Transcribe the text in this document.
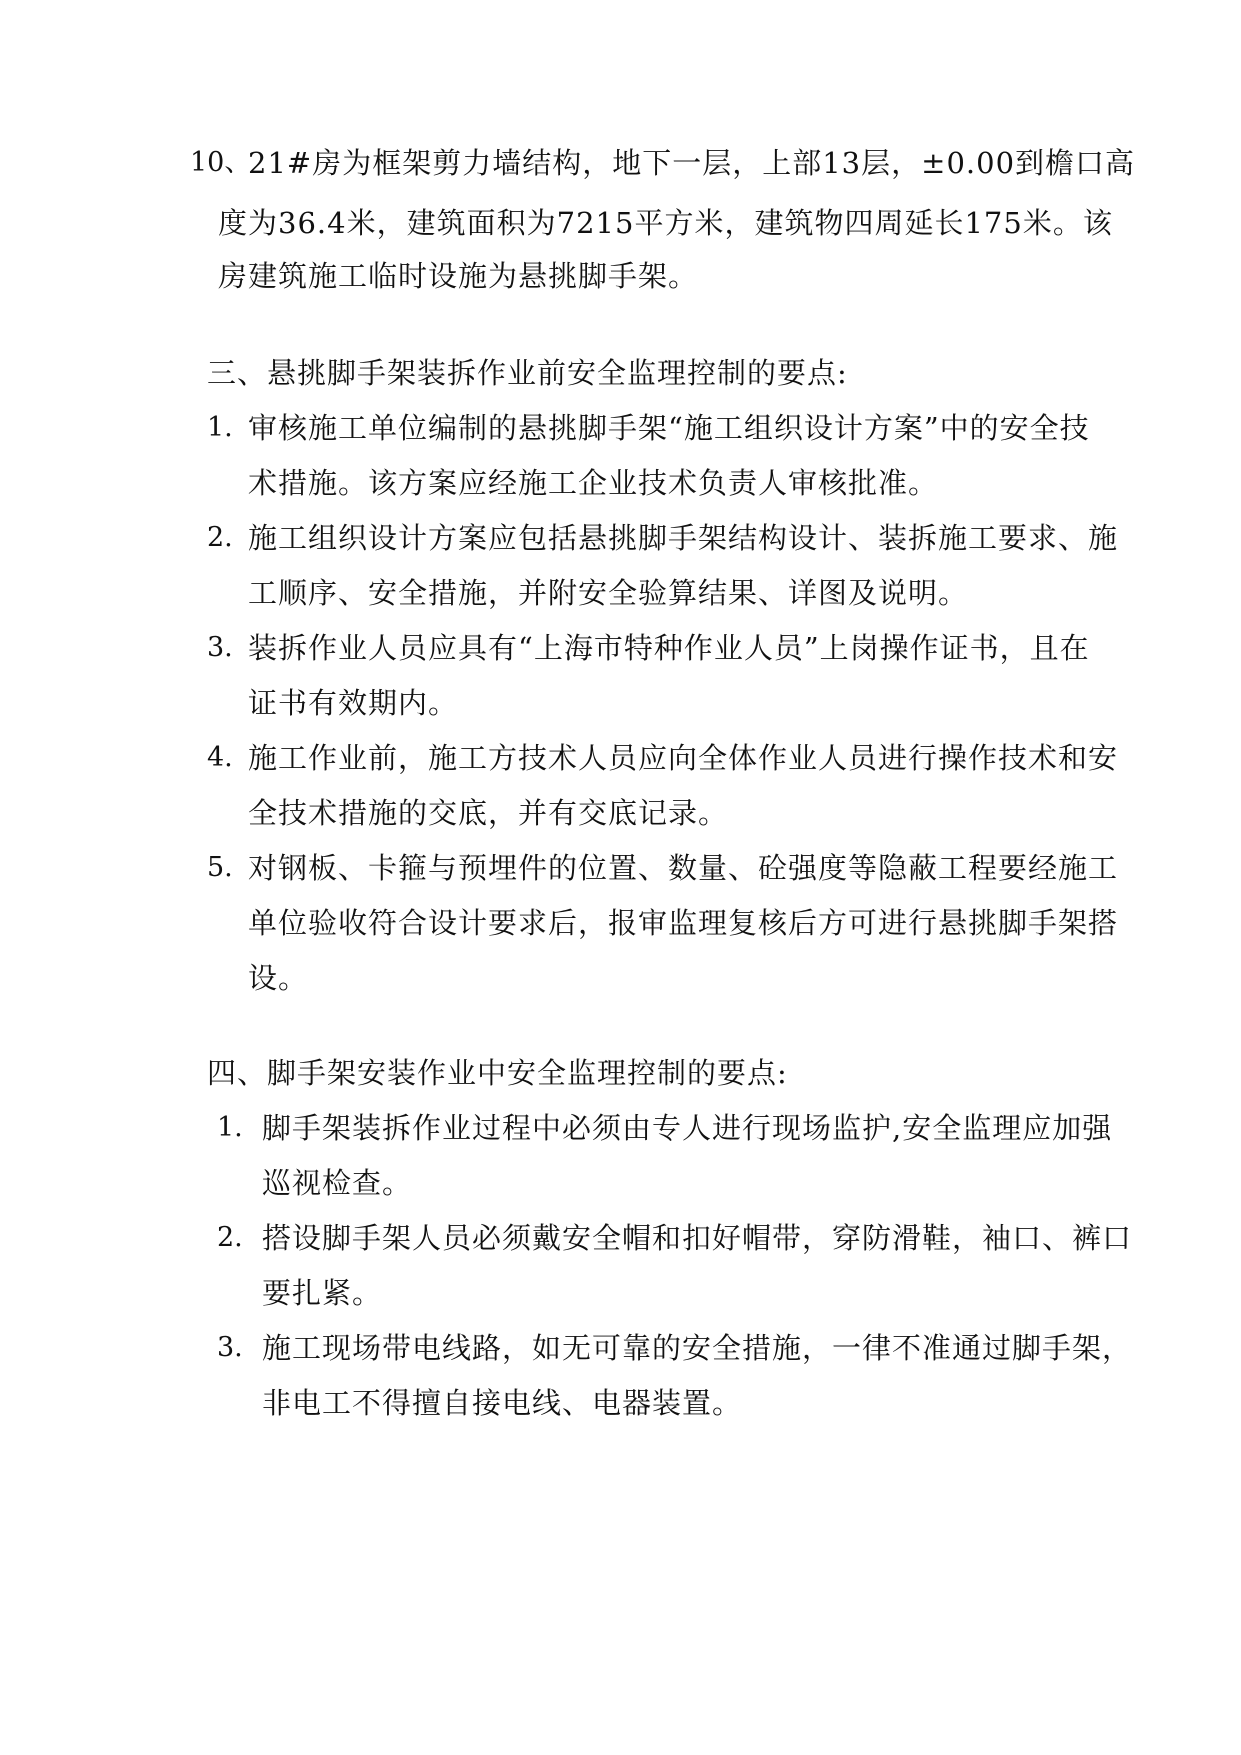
10、
21#房为框架剪力墙结构， 地下一层， 上部 13 层， ±0.00 到檐口高
度为 36.4 米， 建筑面积为 7215 平方米， 建筑物四周延长 175 米。 该
房建筑施工临时设施为悬挑脚手架。
三、悬挑脚手架装拆作业前安全监理控制的要点:
1. 审核施工单位编制的悬挑脚手架“施工组织设计方案”中的安全技
术措施。该方案应经施工企业技术负责人审核批准。
2. 施工组织设计方案应包括悬挑脚手架结构设计、装拆施工要求、施
工顺序、安全措施，并附安全验算结果、详图及说明。
3. 装拆作业人员应具有“上海市特种作业人员”上岗操作证书，且在
证书有效期内。
4. 施工作业前，施工方技术人员应向全体作业人员进行操作技术和安
全技术措施的交底，并有交底记录。
5. 对钢板、卡箍与预埋件的位置、数量、砼强度等隐蔽工程要经施工
单位验收符合设计要求后，报审监理复核后方可进行悬挑脚手架搭
设。
四、脚手架安装作业中安全监理控制的要点:
1. 脚手架装拆作业过程中必须由专人进行现场监护,安全监理应加强
巡视检查。
2. 搭设脚手架人员必须戴安全帽和扣好帽带，穿防滑鞋，袖口、裤口
要扎紧。
3. 施工现场带电线路，如无可靠的安全措施，一律不准通过脚手架，
非电工不得擅自接电线、电器装置。
